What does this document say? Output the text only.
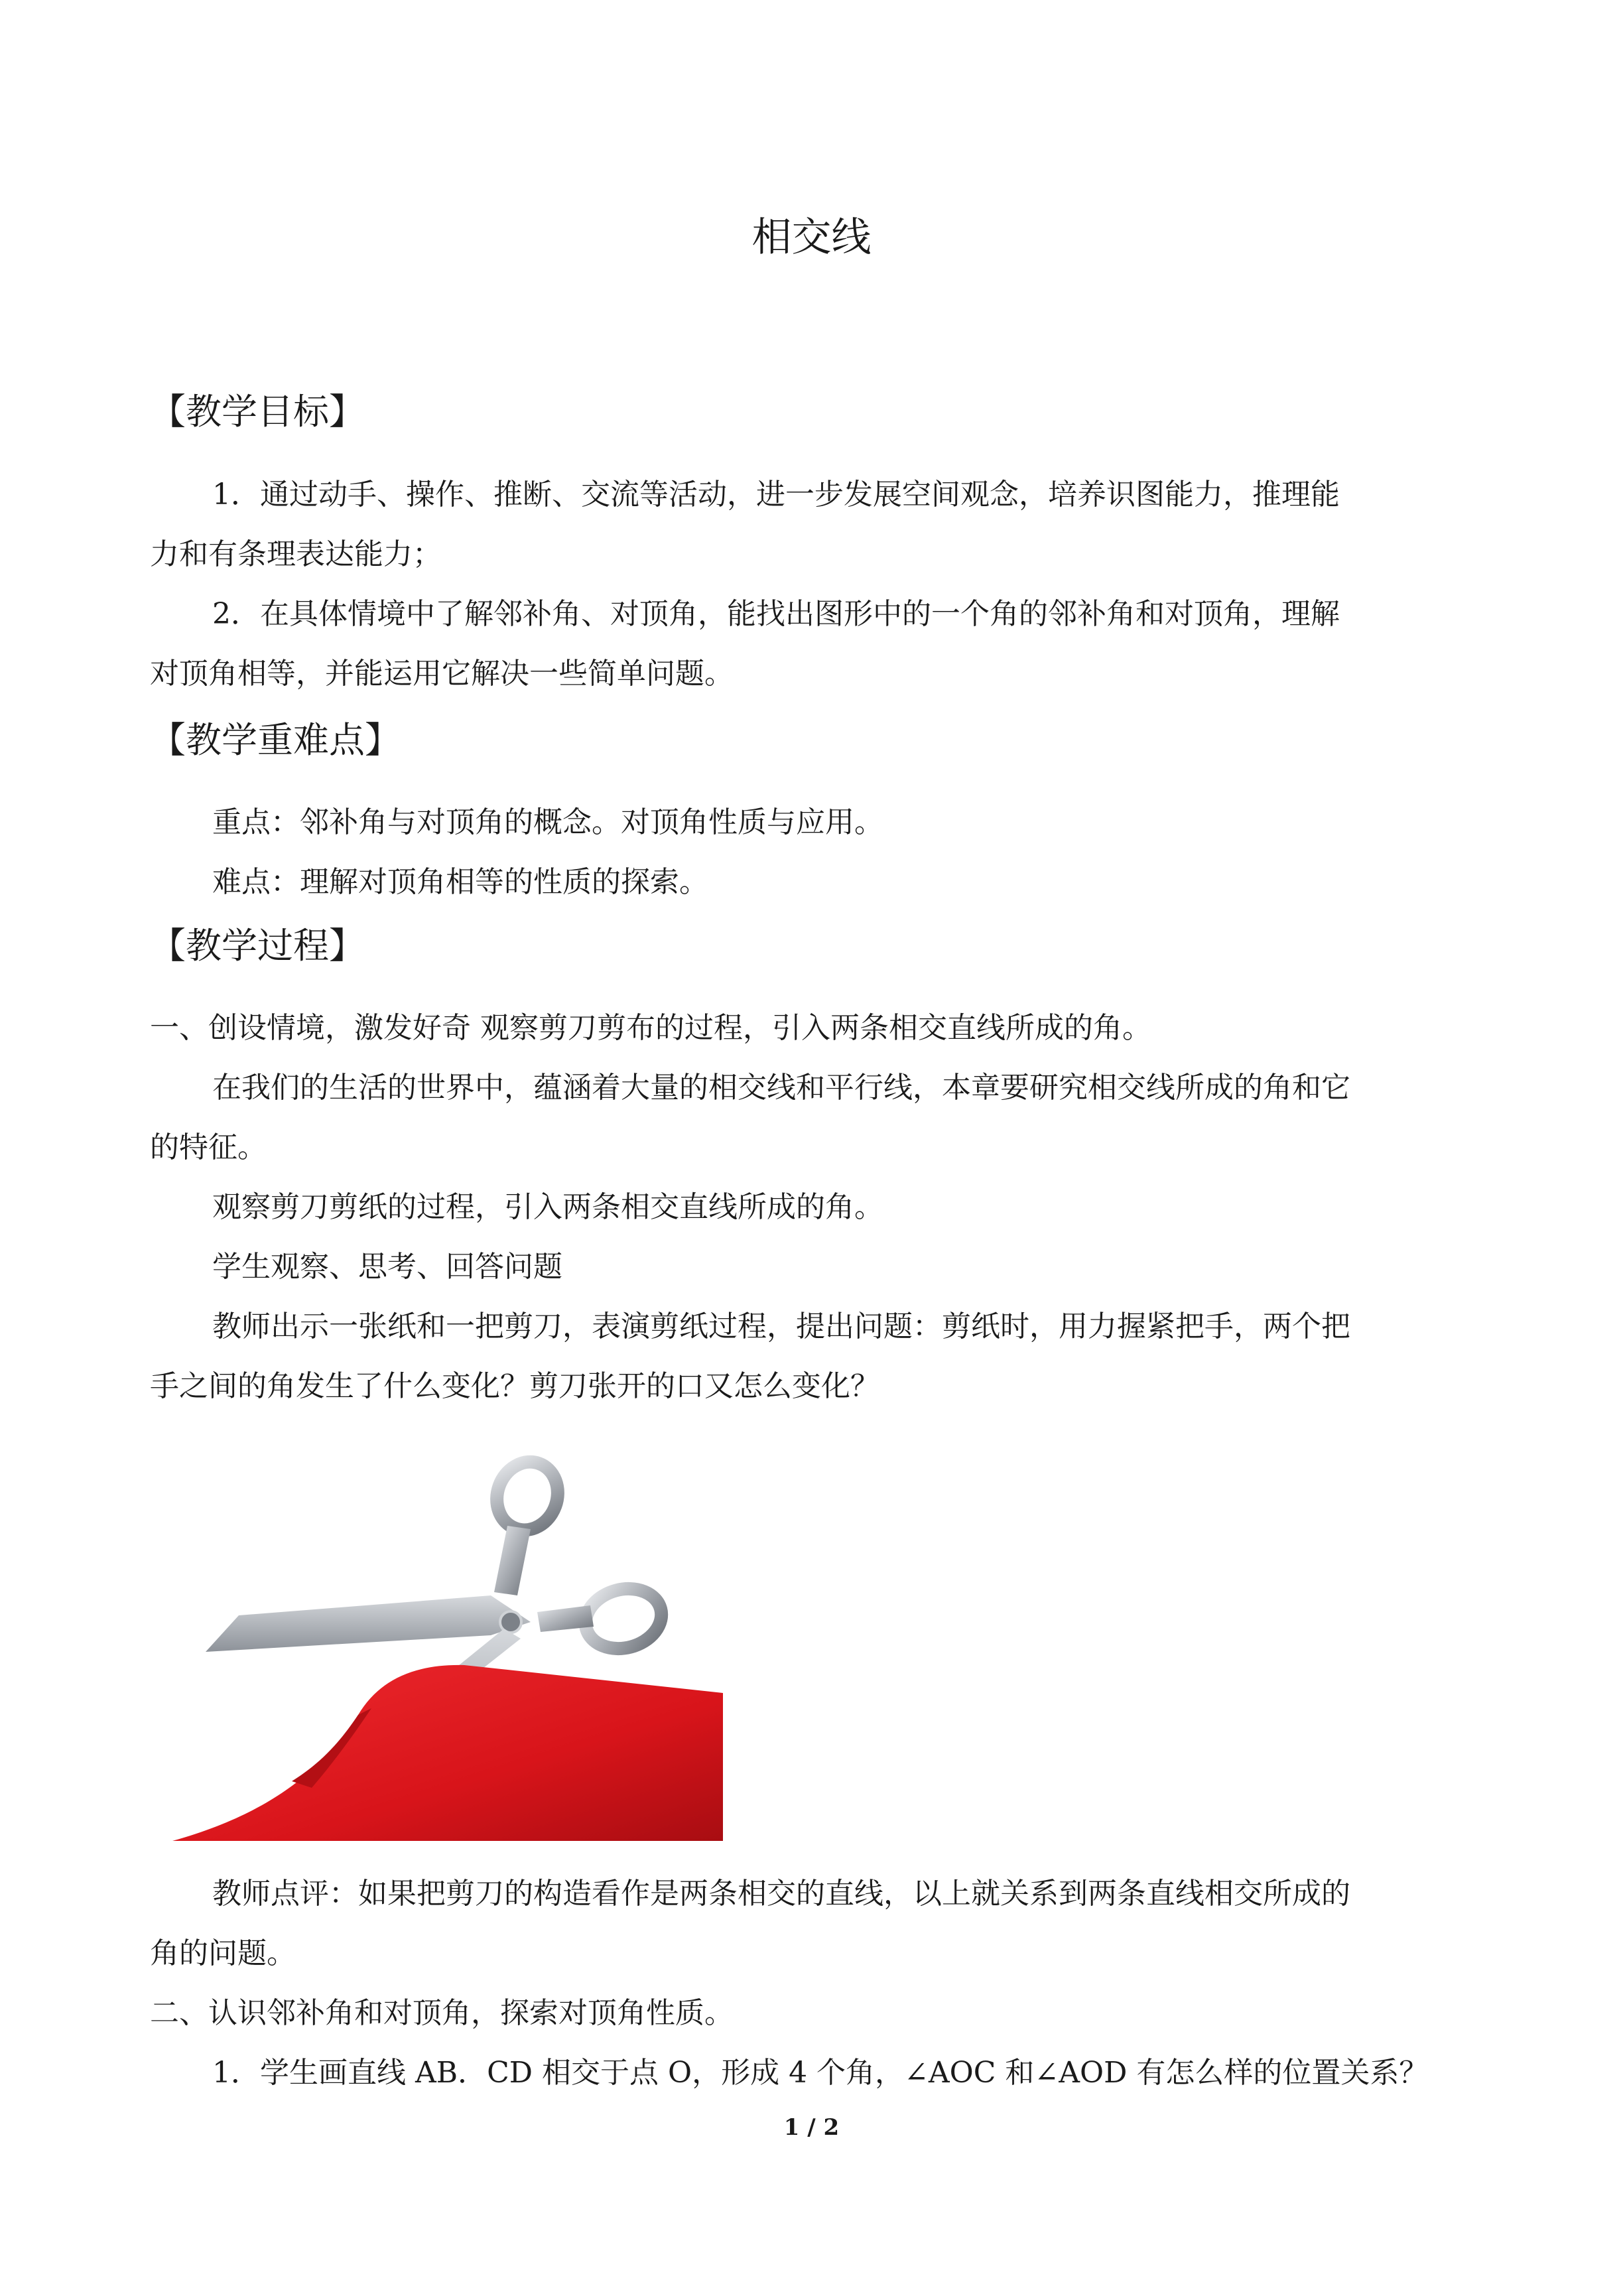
相交线
【教学目标】
1．通过动手、操作、推断、交流等活动，进一步发展空间观念，培养识图能力，推理能
力和有条理表达能力；
2．在具体情境中了解邻补角、对顶角，能找出图形中的一个角的邻补角和对顶角，理解
对顶角相等，并能运用它解决一些简单问题。
【教学重难点】
重点：邻补角与对顶角的概念。对顶角性质与应用。
难点：理解对顶角相等的性质的探索。
【教学过程】
一、创设情境，激发好奇 观察剪刀剪布的过程，引入两条相交直线所成的角。
在我们的生活的世界中，蕴涵着大量的相交线和平行线，本章要研究相交线所成的角和它
的特征。
观察剪刀剪纸的过程，引入两条相交直线所成的角。
学生观察、思考、回答问题
教师出示一张纸和一把剪刀，表演剪纸过程，提出问题：剪纸时，用力握紧把手，两个把
手之间的角发生了什么变化？剪刀张开的口又怎么变化？
教师点评：如果把剪刀的构造看作是两条相交的直线，以上就关系到两条直线相交所成的
角的问题。
二、认识邻补角和对顶角，探索对顶角性质。
1．学生画直线 AB．CD 相交于点 O，形成 4 个角，∠AOC 和∠AOD 有怎么样的位置关系？
1 / 2
